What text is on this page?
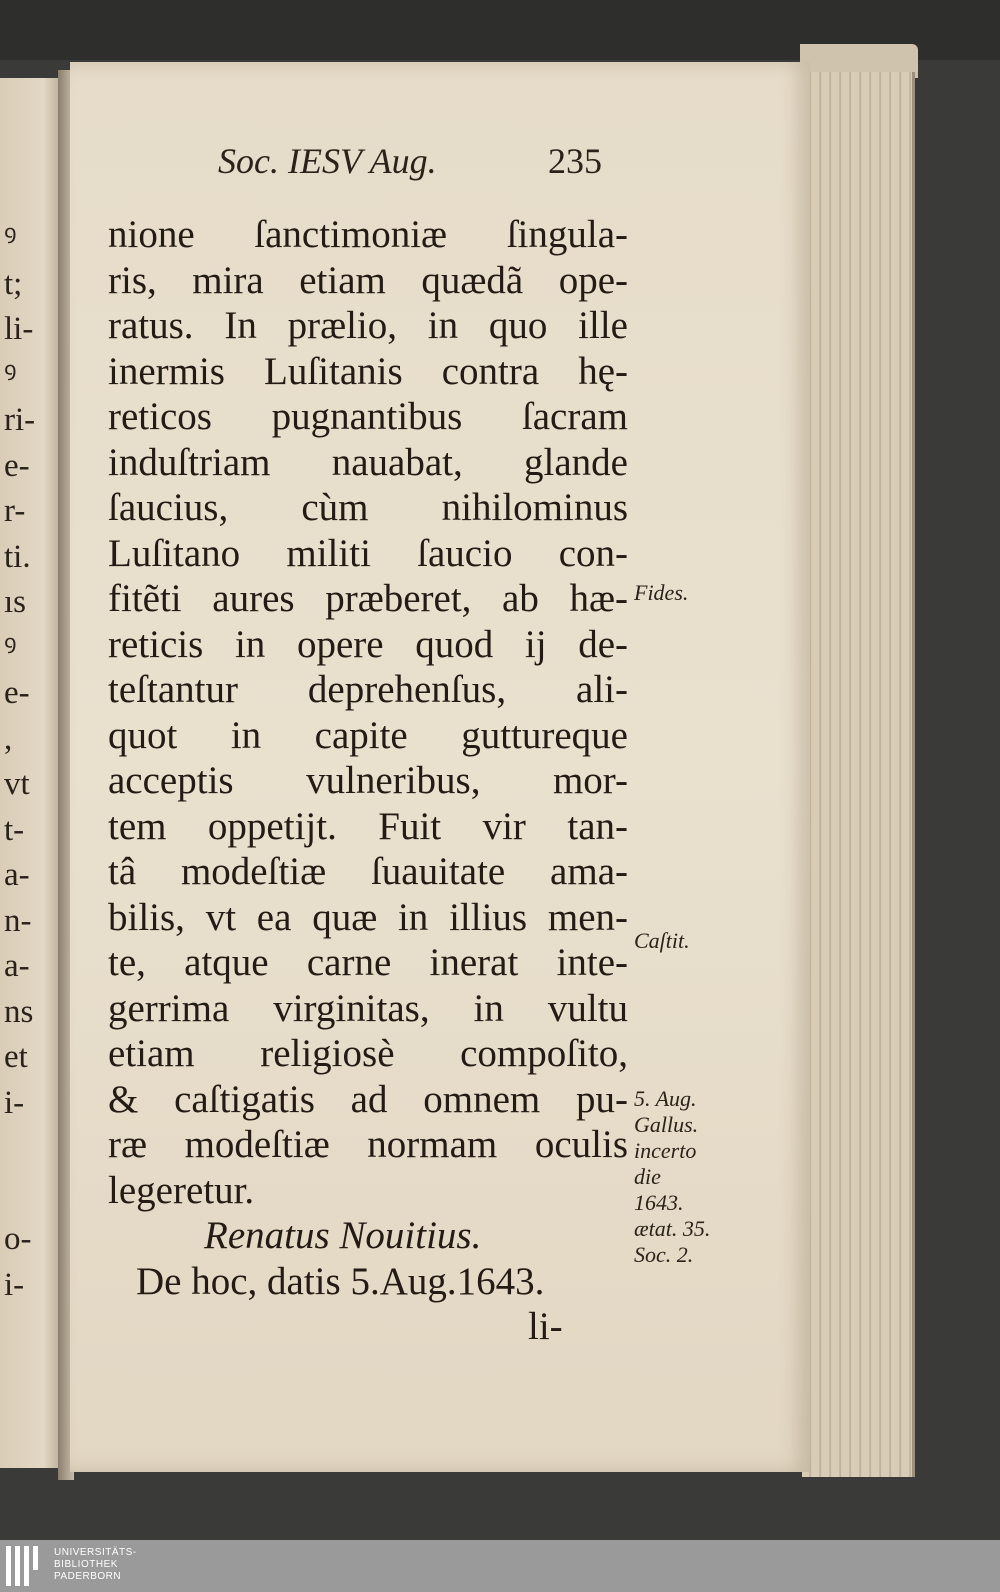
ꝰ
t;
li-
ꝰ
ri-
e-
r-
ti.
ıs
ꝰ
e-
,
vt
t-
a-
n-
a-
ns
et
i-
o-
i-
Soc. IESV Aug.	235
nione ſanctimoniæ ſingula-
ris, mira etiam quædã ope-
ratus. In prælio, in quo ille
inermis Luſitanis contra hę-
reticos pugnantibus ſacram
induſtriam nauabat, glande
ſaucius, cùm nihilominus
Luſitano militi ſaucio con-
fitẽti aures præberet, ab hæ-
reticis in opere quod ij de-
teſtantur deprehenſus, ali-
quot in capite guttureque
acceptis vulneribus, mor-
tem oppetijt. Fuit vir tan-
tâ modeſtiæ ſuauitate ama-
bilis, vt ea quæ in illius men-
te, atque carne inerat inte-
gerrima virginitas, in vultu
etiam religiosè compoſito,
& caſtigatis ad omnem pu-
ræ modeſtiæ normam oculis
legeretur.
Renatus Nouitius.
De hoc, datis 5.Aug.1643.
li-
Fides.
Caſtit.
5. Aug.
Gallus.
incerto
die
1643.
ætat. 35.
Soc. 2.
UNIVERSITÄTS-
BIBLIOTHEK
PADERBORN
